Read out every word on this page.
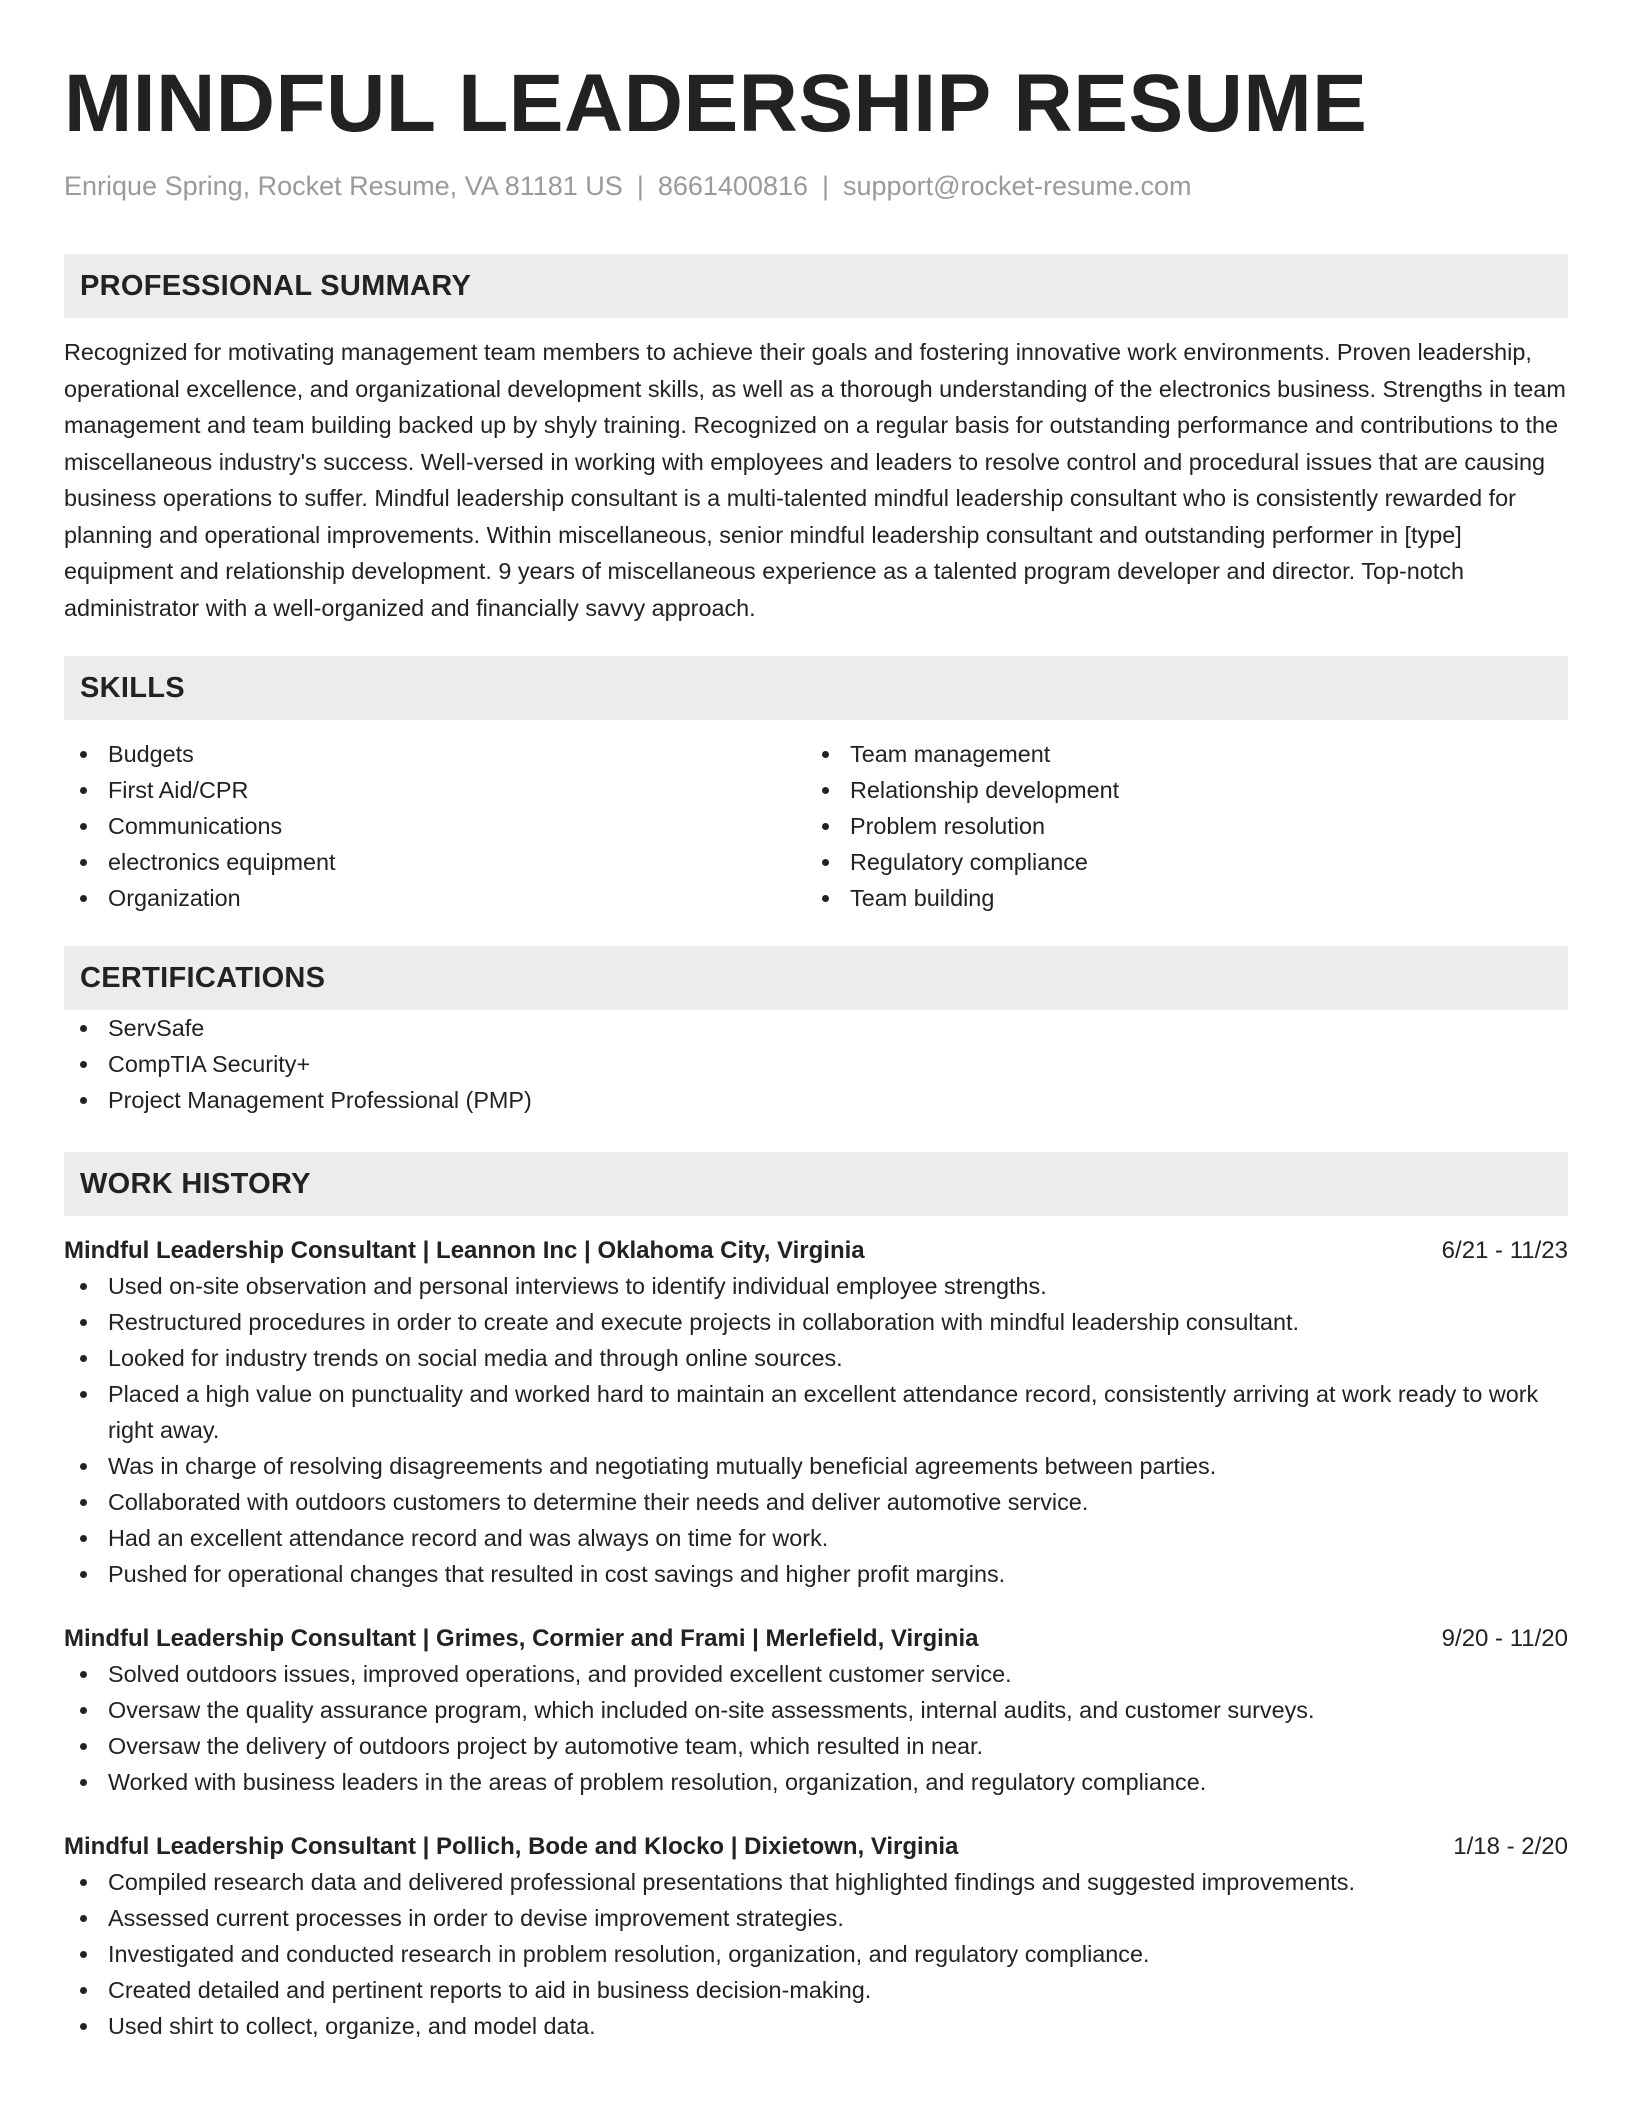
MINDFUL LEADERSHIP RESUME
Enrique Spring, Rocket Resume, VA 81181 US | 8661400816 | support@rocket-resume.com
PROFESSIONAL SUMMARY

Recognized for motivating management team members to achieve their goals and fostering innovative work environments. Proven leadership, operational excellence, and organizational development skills, as well as a thorough understanding of the electronics business. Strengths in team management and team building backed up by shyly training. Recognized on a regular basis for outstanding performance and contributions to the miscellaneous industry's success. Well-versed in working with employees and leaders to resolve control and procedural issues that are causing business operations to suffer. Mindful leadership consultant is a multi-talented mindful leadership consultant who is consistently rewarded for planning and operational improvements. Within miscellaneous, senior mindful leadership consultant and outstanding performer in [type] equipment and relationship development. 9 years of miscellaneous experience as a talented program developer and director. Top-notch administrator with a well-organized and financially savvy approach.

SKILLS
Budgets
First Aid/CPR
Communications
electronics equipment
Organization
Team management
Relationship development
Problem resolution
Regulatory compliance
Team building
CERTIFICATIONS
ServSafe
CompTIA Security+
Project Management Professional (PMP)
WORK HISTORY
Mindful Leadership Consultant | Leannon Inc | Oklahoma City, Virginia	6/21 - 11/23
Used on-site observation and personal interviews to identify individual employee strengths.
Restructured procedures in order to create and execute projects in collaboration with mindful leadership consultant.
Looked for industry trends on social media and through online sources.
Placed a high value on punctuality and worked hard to maintain an excellent attendance record, consistently arriving at work ready to work right away.
Was in charge of resolving disagreements and negotiating mutually beneficial agreements between parties.
Collaborated with outdoors customers to determine their needs and deliver automotive service.
Had an excellent attendance record and was always on time for work.
Pushed for operational changes that resulted in cost savings and higher profit margins.
Mindful Leadership Consultant | Grimes, Cormier and Frami | Merlefield, Virginia	9/20 - 11/20
Solved outdoors issues, improved operations, and provided excellent customer service.
Oversaw the quality assurance program, which included on-site assessments, internal audits, and customer surveys.
Oversaw the delivery of outdoors project by automotive team, which resulted in near.
Worked with business leaders in the areas of problem resolution, organization, and regulatory compliance.
Mindful Leadership Consultant | Pollich, Bode and Klocko | Dixietown, Virginia	1/18 - 2/20
Compiled research data and delivered professional presentations that highlighted findings and suggested improvements.
Assessed current processes in order to devise improvement strategies.
Investigated and conducted research in problem resolution, organization, and regulatory compliance.
Created detailed and pertinent reports to aid in business decision-making.
Used shirt to collect, organize, and model data.
